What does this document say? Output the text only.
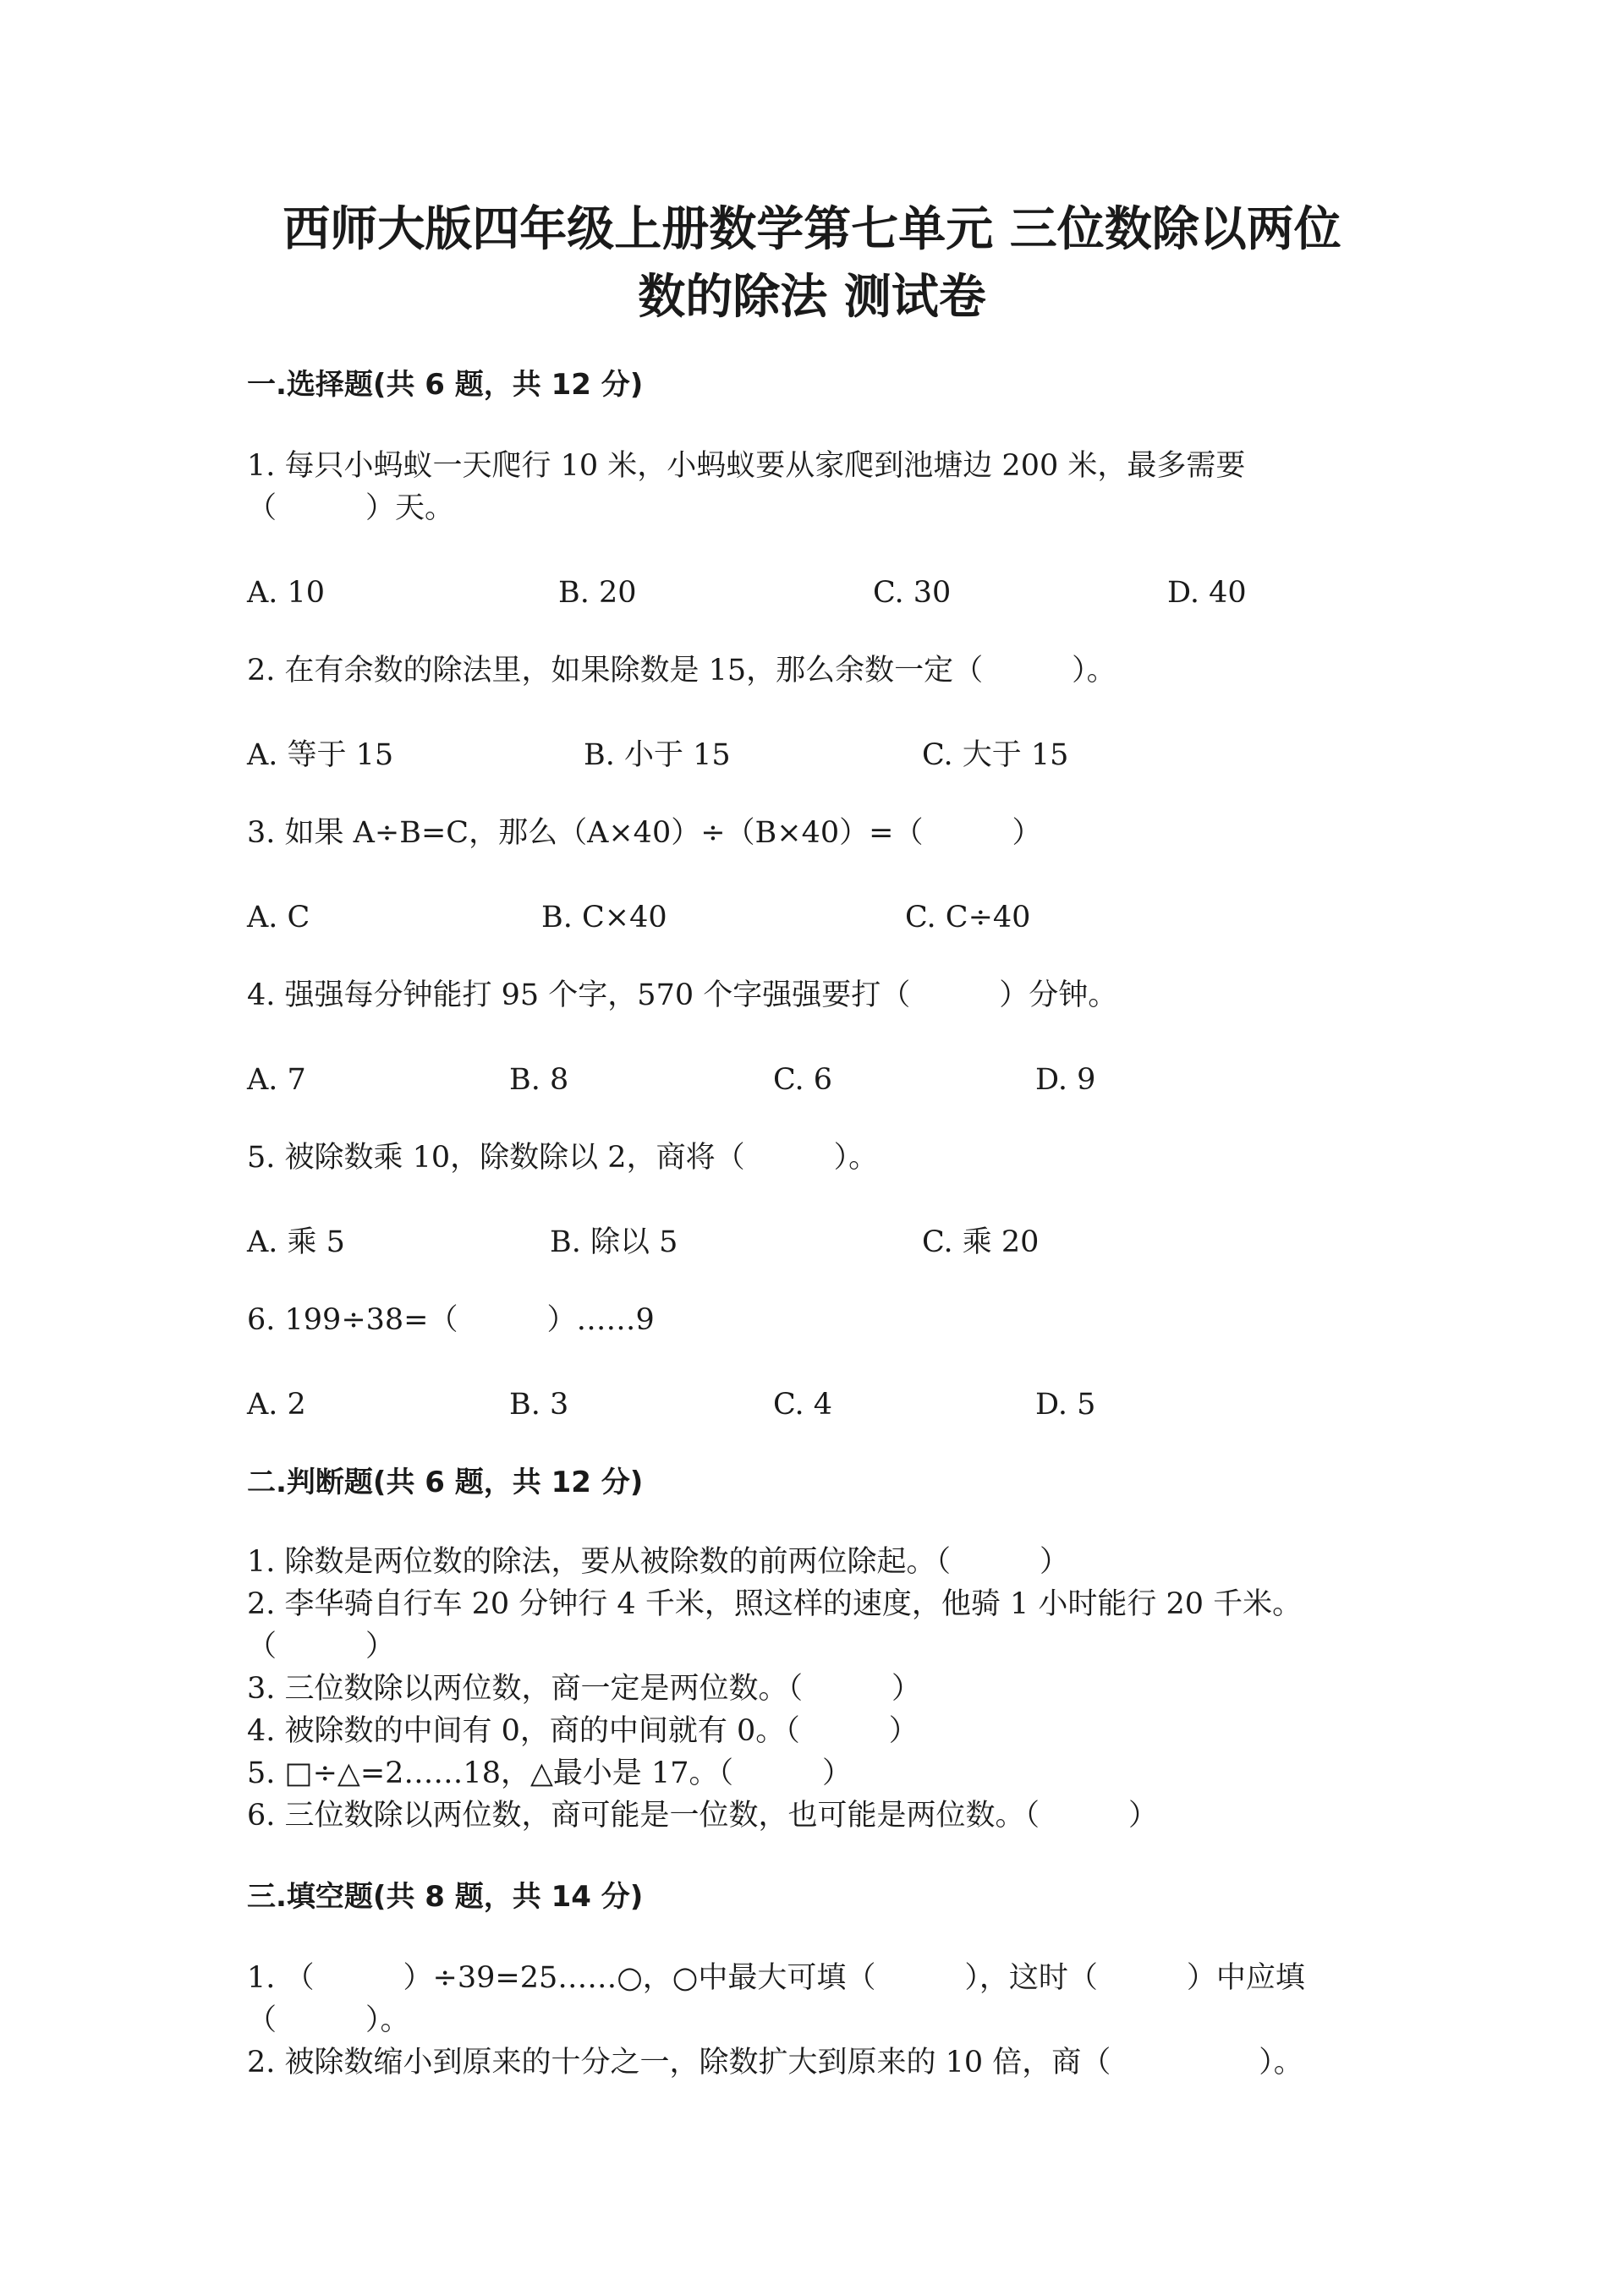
西师大版四年级上册数学第七单元 三位数除以两位
数的除法 测试卷
一.选择题(共 6 题，共 12 分)
1. 每只小蚂蚁一天爬行 10 米，小蚂蚁要从家爬到池塘边 200 米，最多需要
（　　　）天。
A. 10	B. 20	C. 30	D. 40
2. 在有余数的除法里，如果除数是 15，那么余数一定（　　　）。
A. 等于 15	B. 小于 15	C. 大于 15
3. 如果 A÷B=C，那么（A×40）÷（B×40）=（　　　）
A. C	B. C×40	C. C÷40
4. 强强每分钟能打 95 个字，570 个字强强要打（　　　）分钟。
A. 7	B. 8	C. 6	D. 9
5. 被除数乘 10，除数除以 2，商将（　　　）。
A. 乘 5	B. 除以 5	C. 乘 20
6. 199÷38=（　　　）……9
A. 2	B. 3	C. 4	D. 5
二.判断题(共 6 题，共 12 分)
1. 除数是两位数的除法，要从被除数的前两位除起。（　　　）
2. 李华骑自行车 20 分钟行 4 千米，照这样的速度，他骑 1 小时能行 20 千米。
（　　　）
3. 三位数除以两位数，商一定是两位数。（　　　）
4. 被除数的中间有 0，商的中间就有 0。（　　　）
5. □÷△=2……18，△最小是 17。（　　　）
6. 三位数除以两位数，商可能是一位数，也可能是两位数。（　　　）
三.填空题(共 8 题，共 14 分)
1. （　　　）÷39=25……○，○中最大可填（　　　），这时（　　　）中应填
（　　　）。
2. 被除数缩小到原来的十分之一，除数扩大到原来的 10 倍，商（　　　　　）。
